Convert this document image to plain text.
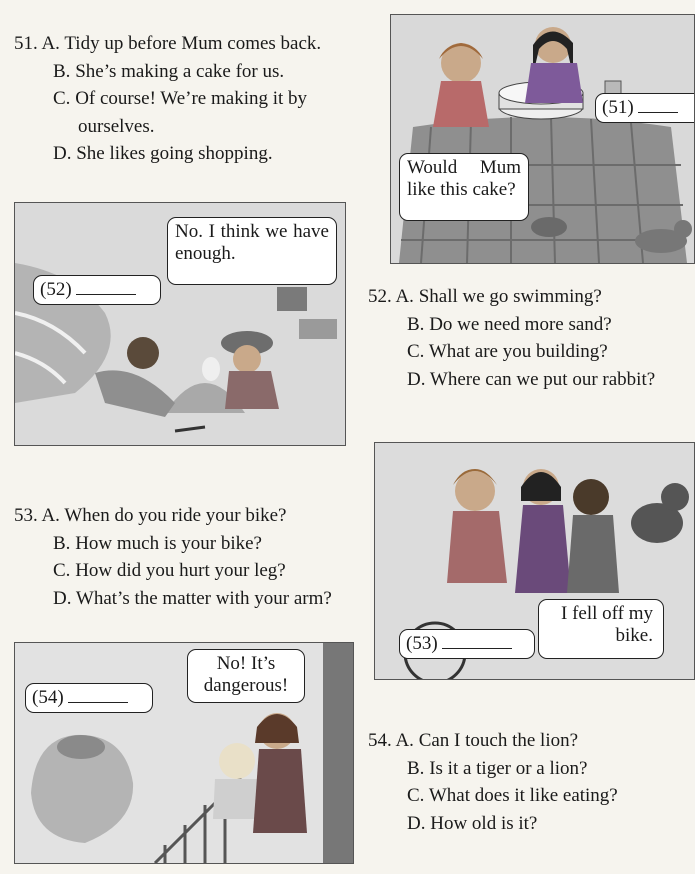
51. A. Tidy up before Mum comes back.
B. She’s making a cake for us.
C. Of course! We’re making it by
ourselves.
D. She likes going shopping.
Would Mum like this cake?
(51)
No. I think we have enough.
(52)	52. A. Shall we go swimming?
B. Do we need more sand?
C. What are you building?
D. Where can we put our rabbit?
(53)
I fell off my bike.
53. A. When do you ride your bike?
B. How much is your bike?
C. How did you hurt your leg?
D. What’s the matter with your arm?
No! It’s dangerous!
(54)
54. A. Can I touch the lion?
B. Is it a tiger or a lion?
C. What does it like eating?
D. How old is it?
